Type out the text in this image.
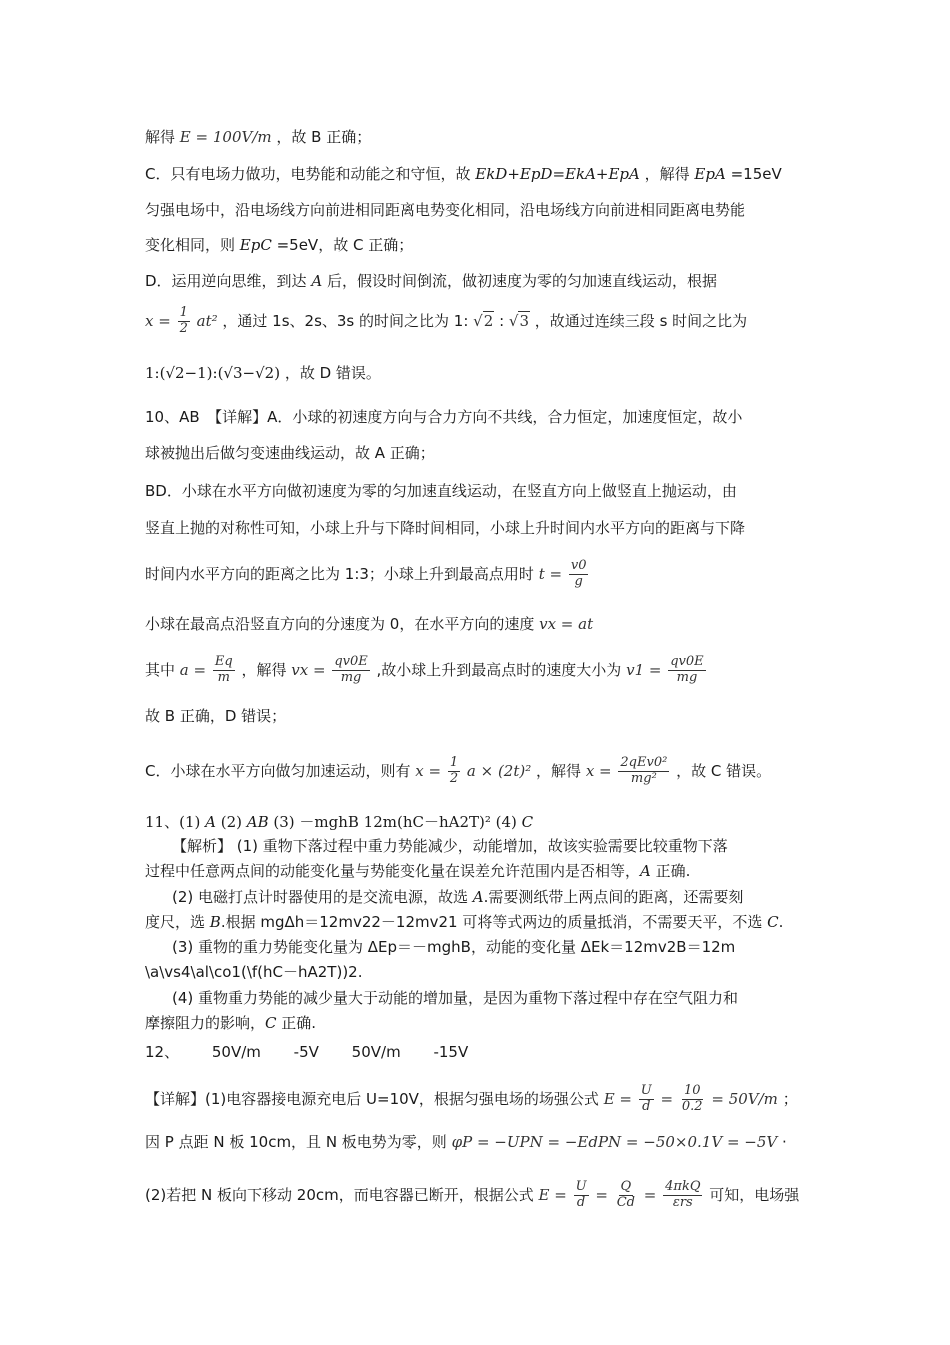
解得 E = 100V/m ，故 B 正确；
C．只有电场力做功，电势能和动能之和守恒，故 EkD+EpD=EkA+EpA ，解得 EpA =15eV
匀强电场中，沿电场线方向前进相同距离电势变化相同，沿电场线方向前进相同距离电势能
变化相同，则 EpC =5eV，故 C 正确；
D．运用逆向思维，到达 A 后，假设时间倒流，做初速度为零的匀加速直线运动，根据
$x = \frac{1}{2} at^2$ ，通过 1s、2s、3s 的时间之比为 1: √2 : √3 ，故通过连续三段 s 时间之比为
1:(√2−1):(√3−√2) ，故 D 错误。
10、AB　【详解】A．小球的初速度方向与合力方向不共线，合力恒定，加速度恒定，故小
球被抛出后做匀变速曲线运动，故 A 正确；
BD．小球在水平方向做初速度为零的匀加速直线运动，在竖直方向上做竖直上抛运动，由
竖直上抛的对称性可知，小球上升与下降时间相同，小球上升时间内水平方向的距离与下降
时间内水平方向的距离之比为 1:3；小球上升到最高点用时 $t = \frac{v0}{g}$
小球在最高点沿竖直方向的分速度为 0，在水平方向的速度 vx = at
其中 $a = \frac{Eq}{m}$ ，解得 vx = $\frac{qv0E}{mg}$ ,故小球上升到最高点时的速度大小为 $v1 = \frac{qv0E}{mg}$
故 B 正确，D 错误；
C．小球在水平方向做匀加速运动，则有 $x = \frac{1}{2}$ a × (2t)² ，解得 $x = \frac{\text{2qEv0²}}{\text{mg²}}$ ，故 C 错误。
11、(1) A (2) AB (3) －mghB 12m(hC－hA2T)² (4) C
【解析】 (1) 重物下落过程中重力势能减少，动能增加，故该实验需要比较重物下落
过程中任意两点间的动能变化量与势能变化量在误差允许范围内是否相等，A 正确.
(2) 电磁打点计时器使用的是交流电源，故选 A.需要测纸带上两点间的距离，还需要刻
度尺，选 B.根据 mgΔh＝12mv22－12mv21 可将等式两边的质量抵消，不需要天平，不选 C.
(3) 重物的重力势能变化量为 ΔEp＝－mghB，动能的变化量 ΔEk＝12mv2B＝12m
\a\vs4\al\co1(\f(hC－hA2T))2.
(4) 重物重力势能的减少量大于动能的增加量，是因为重物下落过程中存在空气阻力和
摩擦阻力的影响，C 正确.
12、 50V/m -5V 50V/m -15V
【详解】(1)电容器接电源充电后 U=10V，根据匀强电场的场强公式 $E = \frac{U}{d} = \frac{10}{0.2} = 50V/m$ ；
因 P 点距 N 板 10cm，且 N 板电势为零，则 φP = −UPN = −EdPN = −50×0.1V = −5V ·
(2)若把 N 板向下移动 20cm，而电容器已断开，根据公式 $E = \frac{U}{d} = \frac{Q}{Cd} = \frac{\text{4πkQ}}{\text{εrs}}$ 可知，电场强
